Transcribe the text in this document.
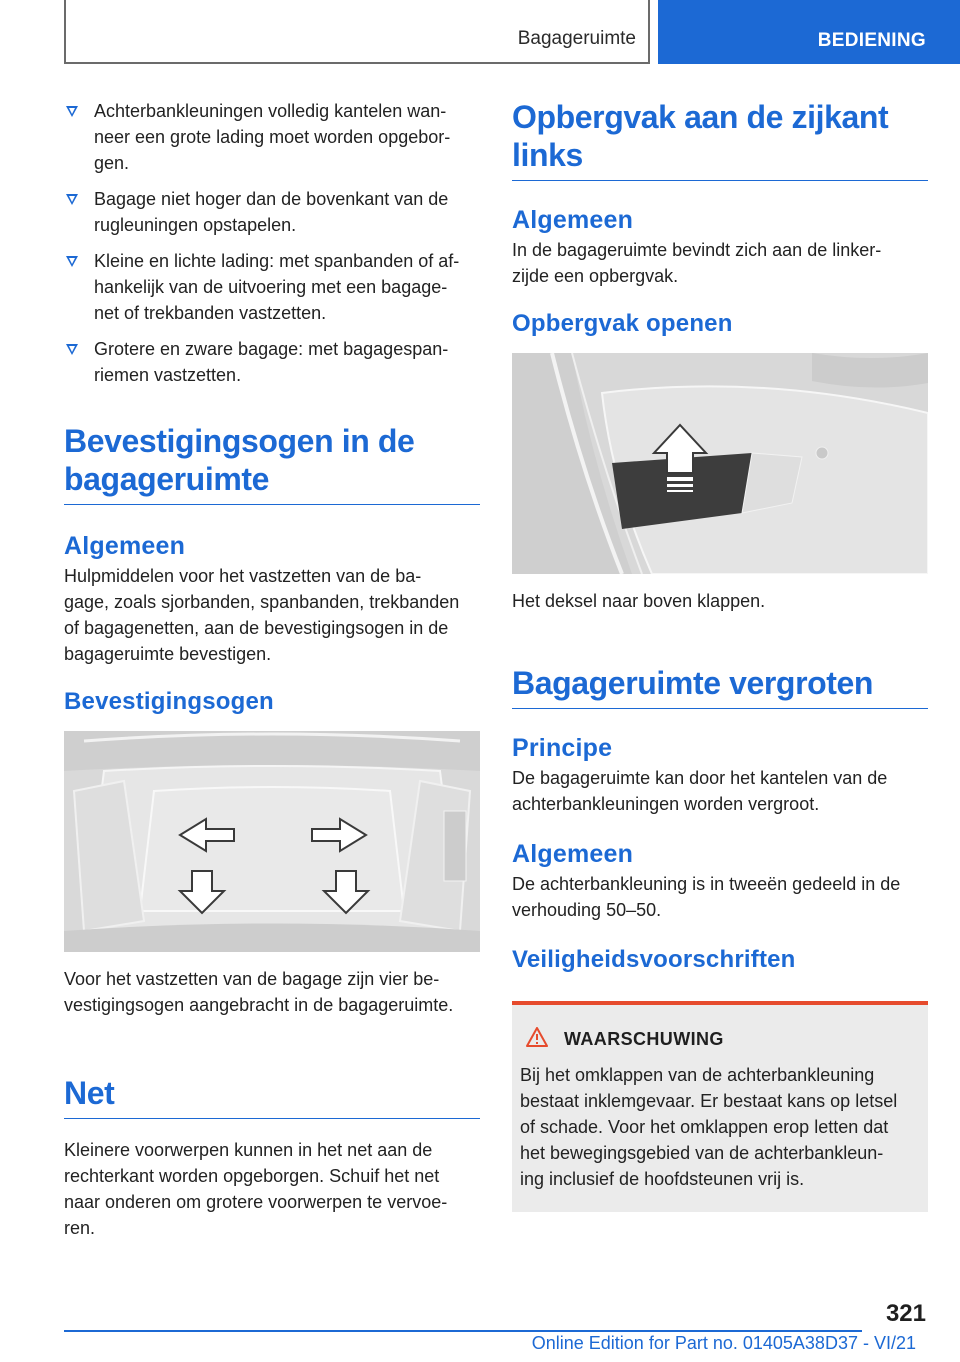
Bagageruimte	BEDIENING
Achterbankleuningen volledig kantelen wan-
neer een grote lading moet worden opgebor-
gen.
Bagage niet hoger dan de bovenkant van de
rugleuningen opstapelen.
Kleine en lichte lading: met spanbanden of af-
hankelijk van de uitvoering met een bagage-
net of trekbanden vastzetten.
Grotere en zware bagage: met bagagespan-
riemen vastzetten.
Bevestigingsogen in de bagageruimte
Algemeen
Hulpmiddelen voor het vastzetten van de ba-
gage, zoals sjorbanden, spanbanden, trekbanden
of bagagenetten, aan de bevestigingsogen in de
bagageruimte bevestigen.
Bevestigingsogen
Voor het vastzetten van de bagage zijn vier be-
vestigingsogen aangebracht in de bagageruimte.
Net
Kleinere voorwerpen kunnen in het net aan de
rechterkant worden opgeborgen. Schuif het net
naar onderen om grotere voorwerpen te vervoe-
ren.
Opbergvak aan de zijkant links
Algemeen
In de bagageruimte bevindt zich aan de linker-
zijde een opbergvak.
Opbergvak openen
Het deksel naar boven klappen.
Bagageruimte vergroten
Principe
De bagageruimte kan door het kantelen van de
achterbankleuningen worden vergroot.
Algemeen
De achterbankleuning is in tweeën gedeeld in de
verhouding 50–50.
Veiligheidsvoorschriften
WAARSCHUWING
Bij het omklappen van de achterbankleuning
bestaat inklemgevaar. Er bestaat kans op letsel
of schade. Voor het omklappen erop letten dat
het bewegingsgebied van de achterbankleun-
ing inclusief de hoofdsteunen vrij is.
321
Online Edition for Part no. 01405A38D37 - VI/21
